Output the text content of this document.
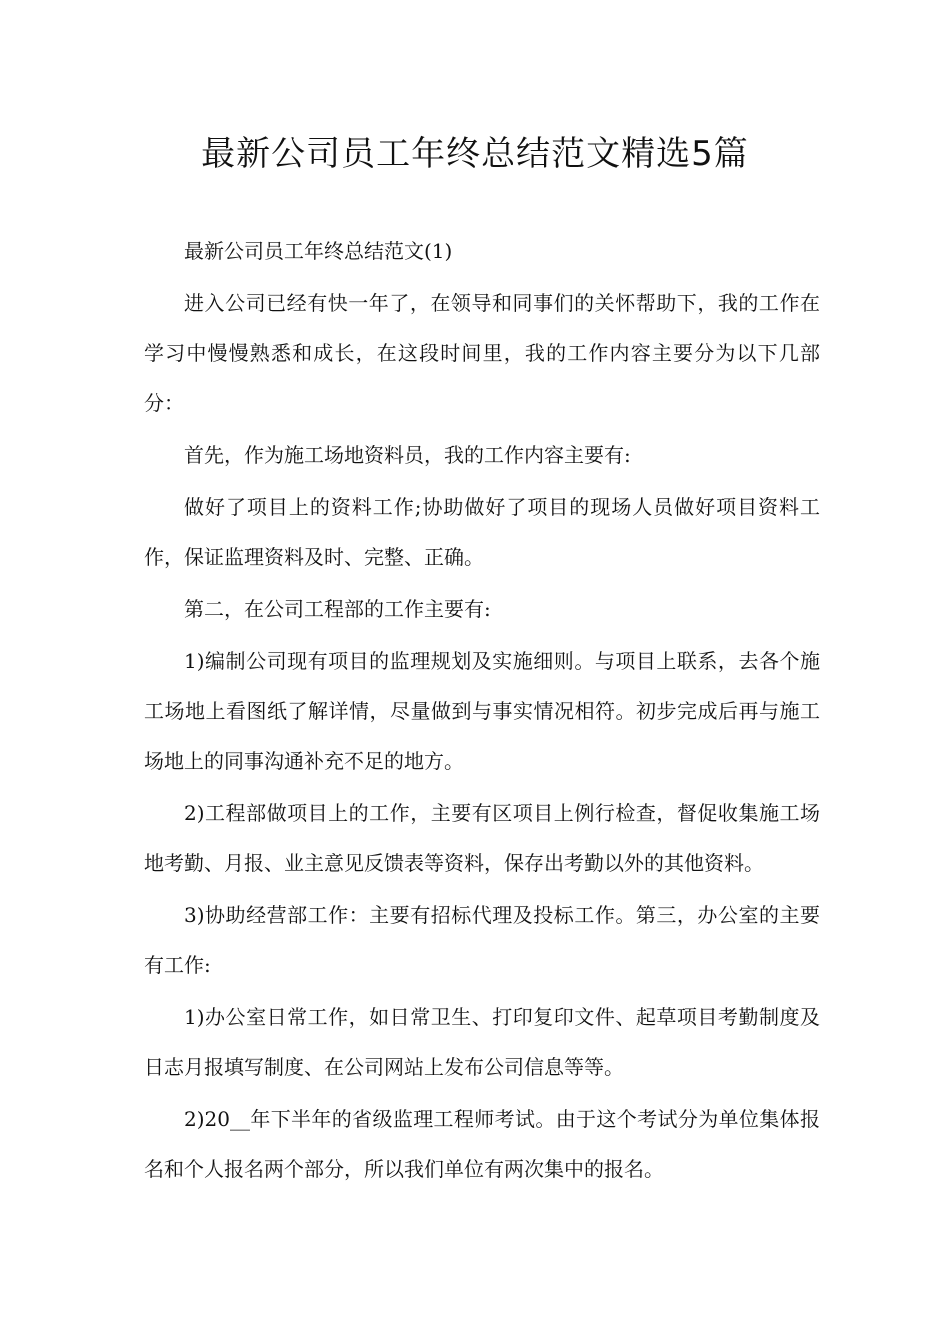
最新公司员工年终总结范文精选5篇

最新公司员工年终总结范文(1)

进入公司已经有快一年了，在领导和同事们的关怀帮助下，我的工作在学习中慢慢熟悉和成长，在这段时间里，我的工作内容主要分为以下几部分：

首先，作为施工场地资料员，我的工作内容主要有:

做好了项目上的资料工作;协助做好了项目的现场人员做好项目资料工作，保证监理资料及时、完整、正确。

第二，在公司工程部的工作主要有:

1)编制公司现有项目的监理规划及实施细则。与项目上联系，去各个施工场地上看图纸了解详情，尽量做到与事实情况相符。初步完成后再与施工场地上的同事沟通补充不足的地方。

2)工程部做项目上的工作，主要有区项目上例行检查，督促收集施工场地考勤、月报、业主意见反馈表等资料，保存出考勤以外的其他资料。

3)协助经营部工作：主要有招标代理及投标工作。第三，办公室的主要有工作:

1)办公室日常工作，如日常卫生、打印复印文件、起草项目考勤制度及日志月报填写制度、在公司网站上发布公司信息等等。

2)20__年下半年的省级监理工程师考试。由于这个考试分为单位集体报名和个人报名两个部分，所以我们单位有两次集中的报名。
